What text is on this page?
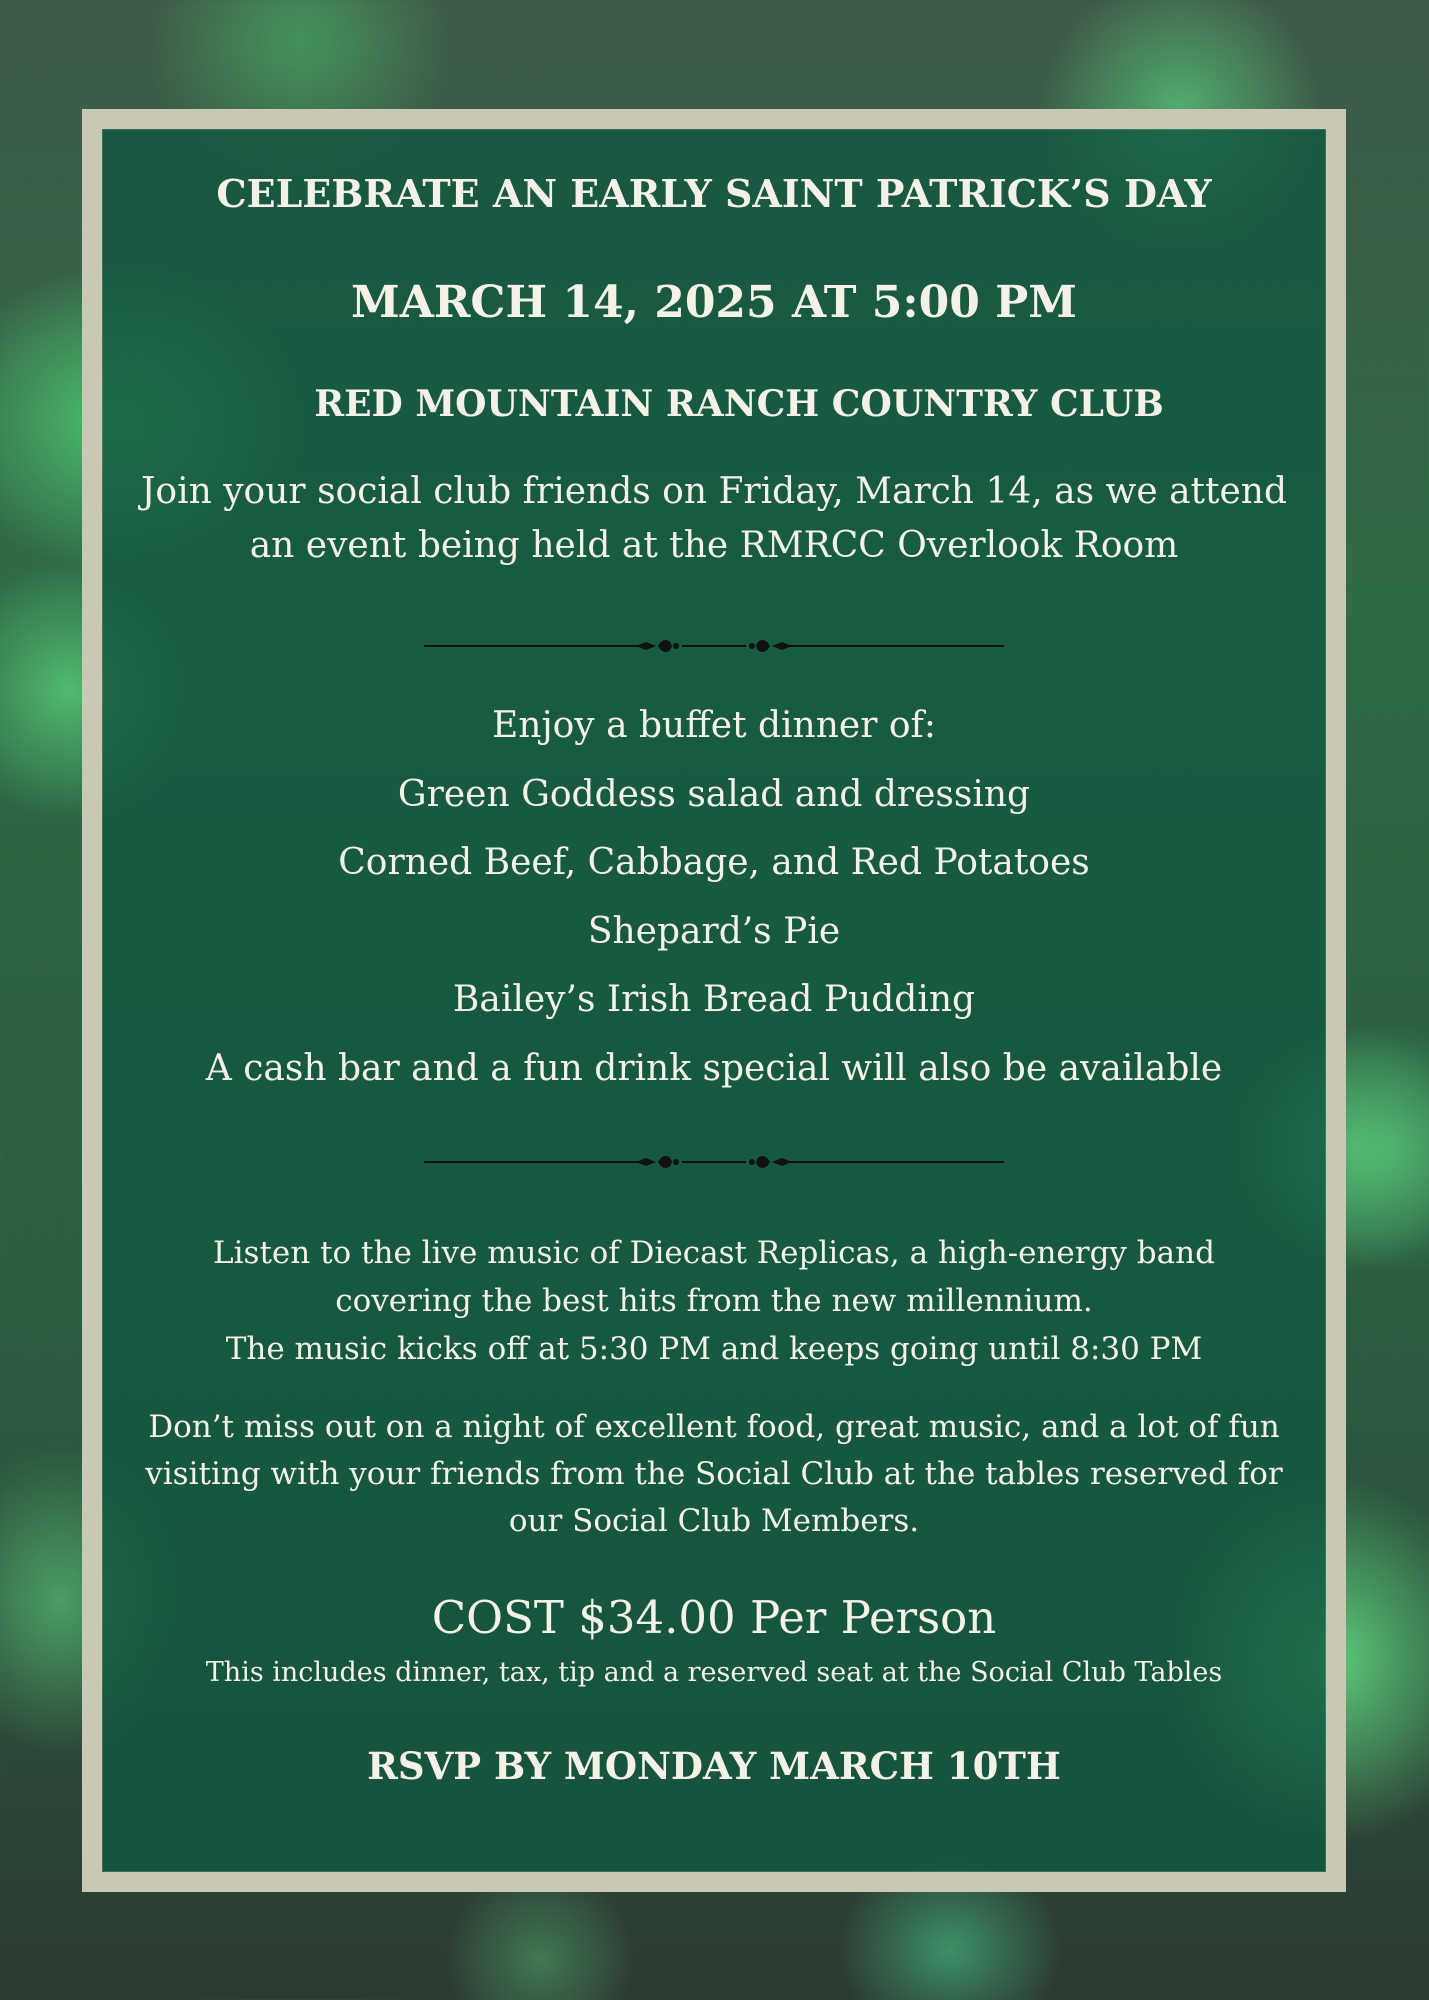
CELEBRATE AN EARLY SAINT PATRICK’S DAY
MARCH 14, 2025 AT 5:00 PM
RED MOUNTAIN RANCH COUNTRY CLUB
Join your social club friends on Friday, March 14, as we attend
an event being held at the RMRCC Overlook Room
Enjoy a buffet dinner of:
Green Goddess salad and dressing
Corned Beef, Cabbage, and Red Potatoes
Shepard’s Pie
Bailey’s Irish Bread Pudding
A cash bar and a fun drink special will also be available
Listen to the live music of Diecast Replicas, a high-energy band
covering the best hits from the new millennium.
The music kicks off at 5:30 PM and keeps going until 8:30 PM
Don’t miss out on a night of excellent food, great music, and a lot of fun
visiting with your friends from the Social Club at the tables reserved for
our Social Club Members.
COST $34.00 Per Person
This includes dinner, tax, tip and a reserved seat at the Social Club Tables
RSVP BY MONDAY MARCH 10TH
